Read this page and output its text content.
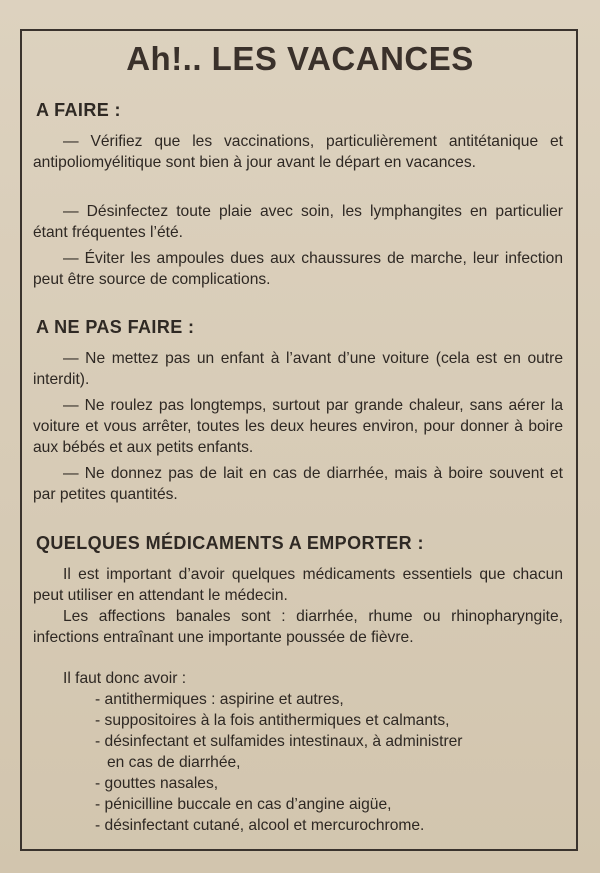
Ah!.. LES VACANCES
A FAIRE :
— Vérifiez que les vaccinations, particulièrement antitétanique et antipoliomyélitique sont bien à jour avant le départ en vacances.
— Désinfectez toute plaie avec soin, les lymphangites en particulier étant fréquentes l’été.
— Éviter les ampoules dues aux chaussures de marche, leur infection peut être source de complications.
A NE PAS FAIRE :
— Ne mettez pas un enfant à l’avant d’une voiture (cela est en outre interdit).
— Ne roulez pas longtemps, surtout par grande chaleur, sans aérer la voiture et vous arrêter, toutes les deux heures environ, pour donner à boire aux bébés et aux petits enfants.
— Ne donnez pas de lait en cas de diarrhée, mais à boire souvent et par petites quantités.
QUELQUES MÉDICAMENTS A EMPORTER :
Il est important d’avoir quelques médicaments essentiels que chacun peut utiliser en attendant le médecin.
Les affections banales sont : diarrhée, rhume ou rhinopharyngite, infections entraînant une importante poussée de fièvre.
Il faut donc avoir :
- antithermiques : aspirine et autres,
- suppositoires à la fois antithermiques et calmants,
- désinfectant et sulfamides intestinaux, à administrer
en cas de diarrhée,
- gouttes nasales,
- pénicilline buccale en cas d’angine aigüe,
- désinfectant cutané, alcool et mercurochrome.
